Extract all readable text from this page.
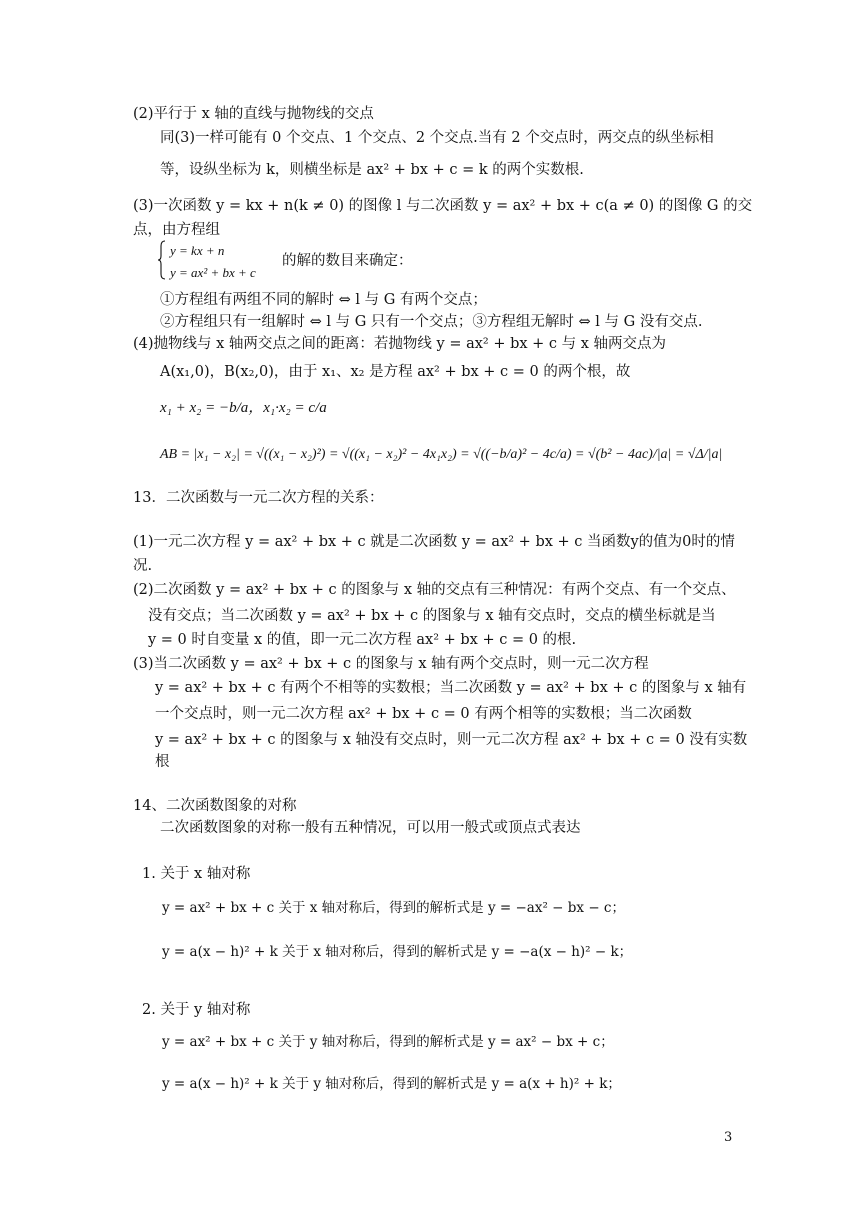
(2)平行于 x 轴的直线与抛物线的交点
同(3)一样可能有 0 个交点、1 个交点、2 个交点.当有 2 个交点时，两交点的纵坐标相
等，设纵坐标为 k，则横坐标是 ax² + bx + c = k 的两个实数根.
(3)一次函数 y = kx + n(k ≠ 0) 的图像 l 与二次函数 y = ax² + bx + c(a ≠ 0) 的图像 G 的交
点，由方程组
y = kx + n
的解的数目来确定：
y = ax² + bx + c
①方程组有两组不同的解时 ⇔ l 与 G 有两个交点；
②方程组只有一组解时 ⇔ l 与 G 只有一个交点；③方程组无解时 ⇔ l 与 G 没有交点.
(4)抛物线与 x 轴两交点之间的距离：若抛物线 y = ax² + bx + c 与 x 轴两交点为
A(x₁,0)，B(x₂,0)，由于 x₁、x₂ 是方程 ax² + bx + c = 0 的两个根，故
x₁ + x₂ = −b/a，x₁·x₂ = c/a
AB = |x₁ − x₂| = √((x₁ − x₂)²) = √((x₁ − x₂)² − 4x₁x₂) = √((−b/a)² − 4c/a) = √(b² − 4ac)/|a| = √Δ/|a|
13．二次函数与一元二次方程的关系：
(1)一元二次方程 y = ax² + bx + c 就是二次函数 y = ax² + bx + c 当函数y的值为0时的情
况.
(2)二次函数 y = ax² + bx + c 的图象与 x 轴的交点有三种情况：有两个交点、有一个交点、
没有交点；当二次函数 y = ax² + bx + c 的图象与 x 轴有交点时，交点的横坐标就是当
y = 0 时自变量 x 的值，即一元二次方程 ax² + bx + c = 0 的根.
(3)当二次函数 y = ax² + bx + c 的图象与 x 轴有两个交点时，则一元二次方程
y = ax² + bx + c 有两个不相等的实数根；当二次函数 y = ax² + bx + c 的图象与 x 轴有
一个交点时，则一元二次方程 ax² + bx + c = 0 有两个相等的实数根；当二次函数
y = ax² + bx + c 的图象与 x 轴没有交点时，则一元二次方程 ax² + bx + c = 0 没有实数
根
14、二次函数图象的对称
二次函数图象的对称一般有五种情况，可以用一般式或顶点式表达
1. 关于 x 轴对称
y = ax² + bx + c 关于 x 轴对称后，得到的解析式是 y = −ax² − bx − c；
y = a(x − h)² + k 关于 x 轴对称后，得到的解析式是 y = −a(x − h)² − k；
2. 关于 y 轴对称
y = ax² + bx + c 关于 y 轴对称后，得到的解析式是 y = ax² − bx + c；
y = a(x − h)² + k 关于 y 轴对称后，得到的解析式是 y = a(x + h)² + k；
3
